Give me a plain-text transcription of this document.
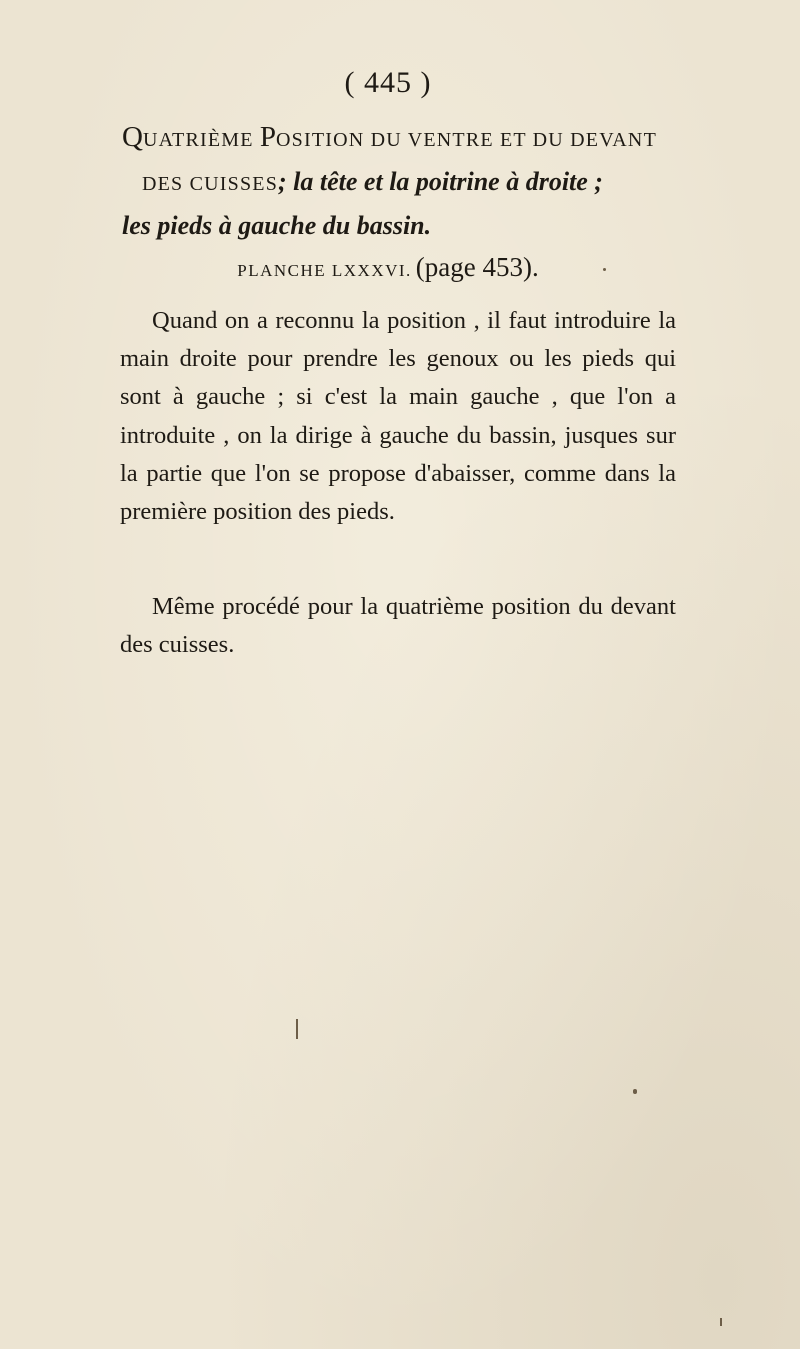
( 445 )
QUATRIÈME POSITION DU VENTRE ET DU DEVANT
DES CUISSES; la tête et la poitrine à droite ;
les pieds à gauche du bassin.
PLANCHE LXXXVI. (page 453).
Quand on a reconnu la position , il faut introduire la main droite pour prendre les genoux ou les pieds qui sont à gauche ; si c'est la main gauche , que l'on a introduite , on la dirige à gauche du bassin, jusques sur la partie que l'on se propose d'abaisser, comme dans la première position des pieds.
Même procédé pour la quatrième position du devant des cuisses.
